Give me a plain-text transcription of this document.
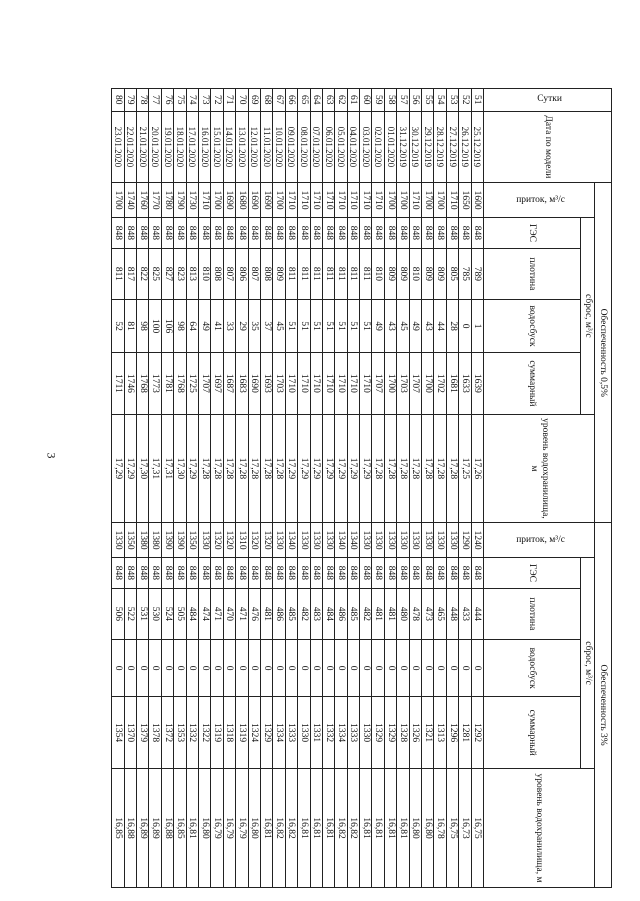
3
Сутки	Дата по модели	Обеспеченность 0,5%						Обеспеченность 3%					
		приток, м³/с	сброс, м³/с				уровень водохранилища, м	приток, м³/с	сброс, м³/с				уровень водохранилища, м
			ГЭС	плотина	водосбуск	суммарный			ГЭС	плотина	водосбуск	суммарный	
51	25.12.2019	1600	848	789	1	1639	17,26	1240	848	444	0	1292	16,75
52	26.12.2019	1650	848	785	0	1633	17,25	1290	848	433	0	1281	16,73
53	27.12.2019	1710	848	805	28	1681	17,28	1330	848	448	0	1296	16,75
54	28.12.2019	1700	848	809	44	1702	17,28	1330	848	465	0	1313	16,78
55	29.12.2019	1700	848	809	43	1700	17,28	1330	848	473	0	1321	16,80
56	30.12.2019	1710	848	810	49	1707	17,28	1330	848	478	0	1326	16,80
57	31.12.2019	1700	848	809	45	1703	17,28	1330	848	480	0	1328	16,81
58	01.01.2020	1700	848	809	43	1700	17,28	1330	848	481	0	1329	16,81
59	02.01.2020	1710	848	810	49	1707	17,28	1330	848	481	0	1329	16,81
60	03.01.2020	1710	848	811	51	1710	17,29	1330	848	482	0	1330	16,81
61	04.01.2020	1710	848	811	51	1710	17,29	1340	848	485	0	1333	16,82
62	05.01.2020	1710	848	811	51	1710	17,29	1340	848	486	0	1334	16,82
63	06.01.2020	1710	848	811	51	1710	17,29	1330	848	484	0	1332	16,81
64	07.01.2020	1710	848	811	51	1710	17,29	1330	848	483	0	1331	16,81
65	08.01.2020	1710	848	811	51	1710	17,29	1330	848	482	0	1330	16,81
66	09.01.2020	1710	848	811	51	1710	17,29	1340	848	485	0	1333	16,82
67	10.01.2020	1700	848	809	45	1703	17,28	1330	848	486	0	1334	16,82
68	11.01.2020	1690	848	808	37	1693	17,28	1320	848	481	0	1329	16,81
69	12.01.2020	1690	848	807	35	1690	17,28	1320	848	476	0	1324	16,80
70	13.01.2020	1680	848	806	29	1683	17,28	1310	848	471	0	1319	16,79
71	14.01.2020	1690	848	807	33	1687	17,28	1320	848	470	0	1318	16,79
72	15.01.2020	1700	848	808	41	1697	17,28	1320	848	471	0	1319	16,79
73	16.01.2020	1710	848	810	49	1707	17,28	1330	848	474	0	1322	16,80
74	17.01.2020	1730	848	813	64	1725	17,29	1350	848	484	0	1332	16,81
75	18.01.2020	1790	848	823	98	1768	17,30	1390	848	505	0	1353	16,85
76	19.01.2020	1780	848	827	106	1781	17,31	1390	848	524	0	1372	16,88
77	20.01.2020	1770	848	825	100	1773	17,31	1380	848	530	0	1378	16,89
78	21.01.2020	1760	848	822	98	1768	17,30	1380	848	531	0	1379	16,89
79	22.01.2020	1740	848	817	81	1746	17,29	1350	848	522	0	1370	16,88
80	23.01.2020	1700	848	811	52	1711	17,29	1330	848	506	0	1354	16,85
